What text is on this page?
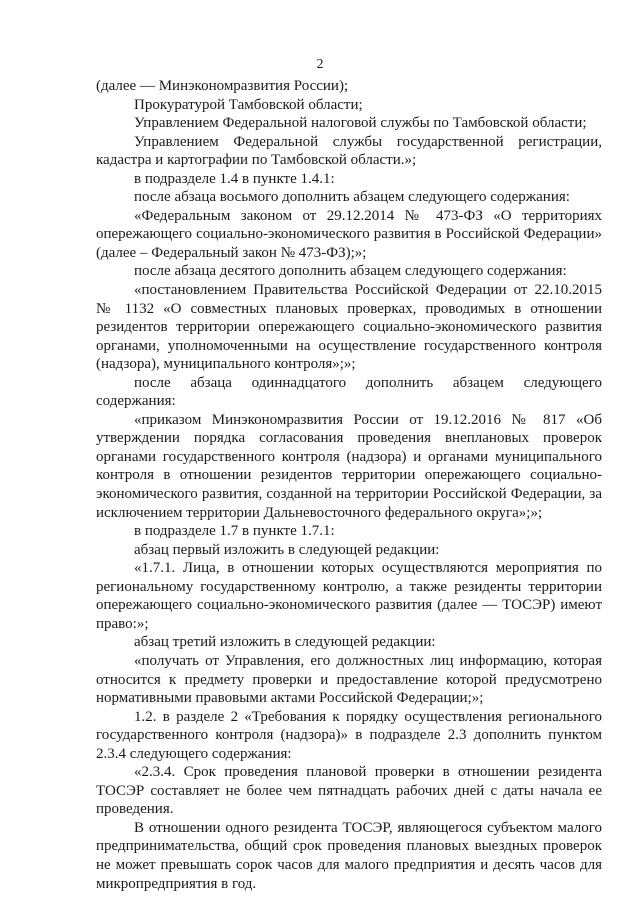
2

(далее — Минэкономразвития России);

Прокуратурой Тамбовской области;

Управлением Федеральной налоговой службы по Тамбовской области;

Управлением Федеральной службы государственной регистрации, кадастра и картографии по Тамбовской области.»;

в подразделе 1.4 в пункте 1.4.1:

после абзаца восьмого дополнить абзацем следующего содержания:

«Федеральным законом от 29.12.2014 № 473-ФЗ «О территориях опережающего социально-экономического развития в Российской Федерации» (далее – Федеральный закон № 473-ФЗ);»;

после абзаца десятого дополнить абзацем следующего содержания:

«постановлением Правительства Российской Федерации от 22.10.2015 № 1132 «О совместных плановых проверках, проводимых в отношении резидентов территории опережающего социально-экономического развития органами, уполномоченными на осуществление государственного контроля (надзора), муниципального контроля»;»;

после абзаца одиннадцатого дополнить абзацем следующего содержания:

«приказом Минэкономразвития России от 19.12.2016 № 817 «Об утверждении порядка согласования проведения внеплановых проверок органами государственного контроля (надзора) и органами муниципального контроля в отношении резидентов территории опережающего социально-экономического развития, созданной на территории Российской Федерации, за исключением территории Дальневосточного федерального округа»;»;

в подразделе 1.7 в пункте 1.7.1:

абзац первый изложить в следующей редакции:

«1.7.1. Лица, в отношении которых осуществляются мероприятия по региональному государственному контролю, а также резиденты территории опережающего социально-экономического развития (далее — ТОСЭР) имеют право:»;

абзац третий изложить в следующей редакции:

«получать от Управления, его должностных лиц информацию, которая относится к предмету проверки и предоставление которой предусмотрено нормативными правовыми актами Российской Федерации;»;

1.2. в разделе 2 «Требования к порядку осуществления регионального государственного контроля (надзора)» в подразделе 2.3 дополнить пунктом 2.3.4 следующего содержания:

«2.3.4. Срок проведения плановой проверки в отношении резидента ТОСЭР составляет не более чем пятнадцать рабочих дней с даты начала ее проведения.

В отношении одного резидента ТОСЭР, являющегося субъектом малого предпринимательства, общий срок проведения плановых выездных проверок не может превышать сорок часов для малого предприятия и десять часов для микропредприятия в год.
